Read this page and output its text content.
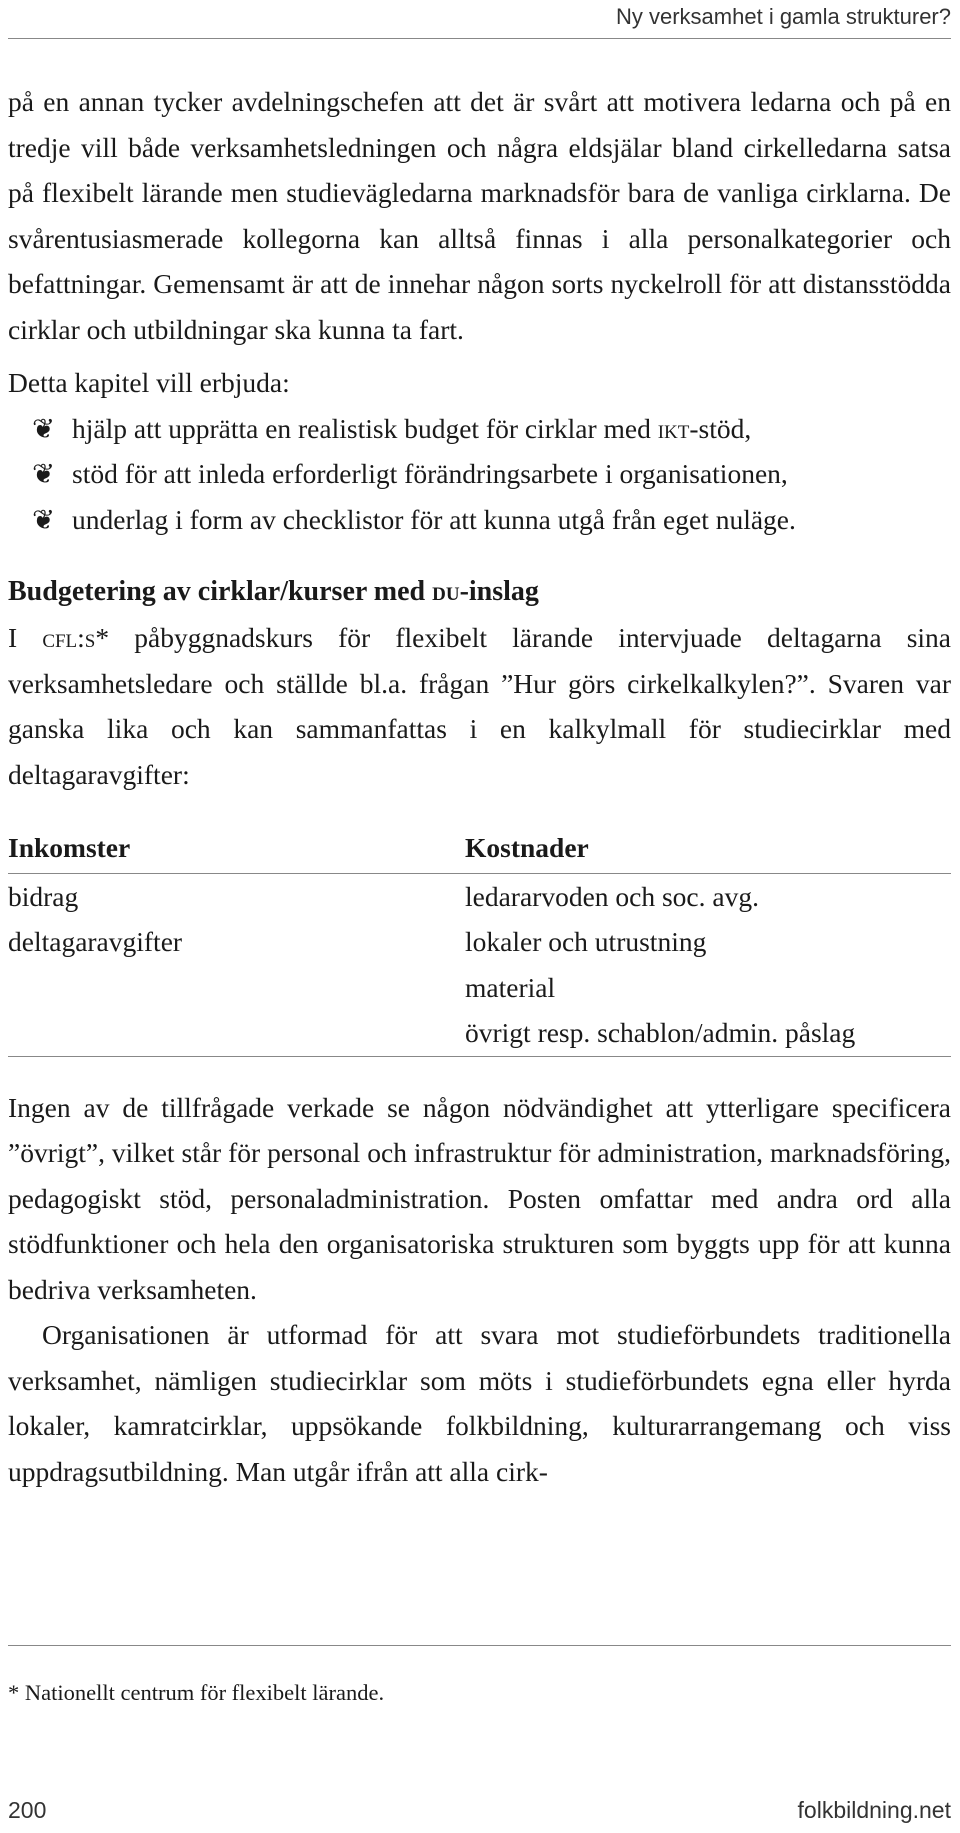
Ny verksamhet i gamla strukturer?

på en annan tycker avdelningschefen att det är svårt att motivera ledarna och på en tredje vill både verksamhetsledningen och några eldsjälar bland cirkelledarna satsa på flexibelt lärande men studievägledarna marknadsför bara de vanliga cirklarna. De svårentusiasmerade kollegorna kan alltså finnas i alla personalkategorier och befattningar. Gemensamt är att de innehar någon sorts nyckelroll för att distansstödda cirklar och utbildningar ska kunna ta fart.

Detta kapitel vill erbjuda:

❦ hjälp att upprätta en realistisk budget för cirklar med ikt-stöd,
❦ stöd för att inleda erforderligt förändringsarbete i organisationen,
❦ underlag i form av checklistor för att kunna utgå från eget nuläge.
Budgetering av cirklar/kurser med du-inslag

I cfl:s* påbyggnadskurs för flexibelt lärande intervjuade deltagarna sina verksamhetsledare och ställde bl.a. frågan ”Hur görs cirkelkalkylen?”. Svaren var ganska lika och kan sammanfattas i en kalkylmall för studiecirklar med deltagaravgifter:

Inkomster	Kostnader
bidrag	ledararvoden och soc. avg.
deltagaravgifter	lokaler och utrustning
	material
	övrigt resp. schablon/admin. påslag

Ingen av de tillfrågade verkade se någon nödvändighet att ytterligare specificera ”övrigt”, vilket står för personal och infrastruktur för administration, marknadsföring, pedagogiskt stöd, personaladministration. Posten omfattar med andra ord alla stödfunktioner och hela den organisatoriska strukturen som byggts upp för att kunna bedriva verksamheten.

Organisationen är utformad för att svara mot studieförbundets traditionella verksamhet, nämligen studiecirklar som möts i studieförbundets egna eller hyrda lokaler, kamratcirklar, uppsökande folkbildning, kulturarrangemang och viss uppdragsutbildning. Man utgår ifrån att alla cirk-

* Nationellt centrum för flexibelt lärande.
200	folkbildning.net
